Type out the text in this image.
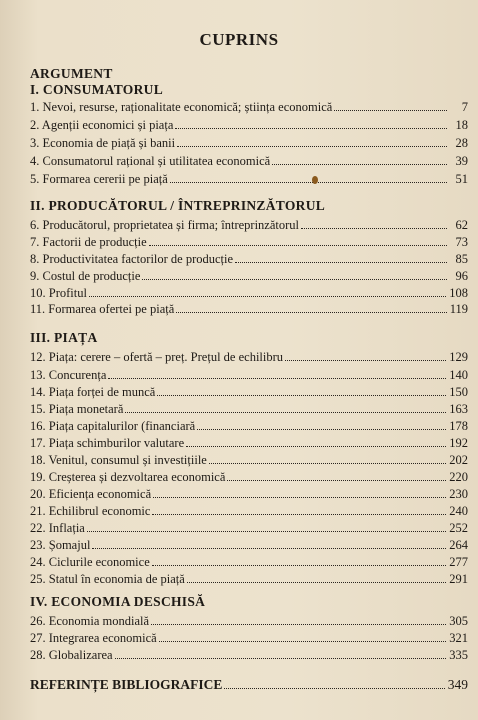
CUPRINS
ARGUMENT
I. CONSUMATORUL
1. Nevoi, resurse, raționalitate economică; știința economică	7
2. Agenții economici și piața	18
3. Economia de piață și banii	28
4. Consumatorul rațional și utilitatea economică	39
5. Formarea cererii pe piață	51
II. PRODUCĂTORUL / ÎNTREPRINZĂTORUL
6. Producătorul, proprietatea și firma; întreprinzătorul	62
7. Factorii de producție	73
8. Productivitatea factorilor de producție	85
9. Costul de producție	96
10. Profitul	108
11. Formarea ofertei pe piață	119
III. PIAȚA
12. Piața: cerere – ofertă – preț. Prețul de echilibru	129
13. Concurența	140
14. Piața forței de muncă	150
15. Piața monetară	163
16. Piața capitalurilor (financiară	178
17. Piața schimburilor valutare	192
18. Venitul, consumul și investițiile	202
19. Creșterea și dezvoltarea economică	220
20. Eficiența economică	230
21. Echilibrul economic	240
22. Inflația	252
23. Șomajul	264
24. Ciclurile economice	277
25. Statul în economia de piață	291
IV. ECONOMIA DESCHISĂ
26. Economia mondială	305
27. Integrarea economică	321
28. Globalizarea	335
REFERINȚE BIBLIOGRAFICE	349
